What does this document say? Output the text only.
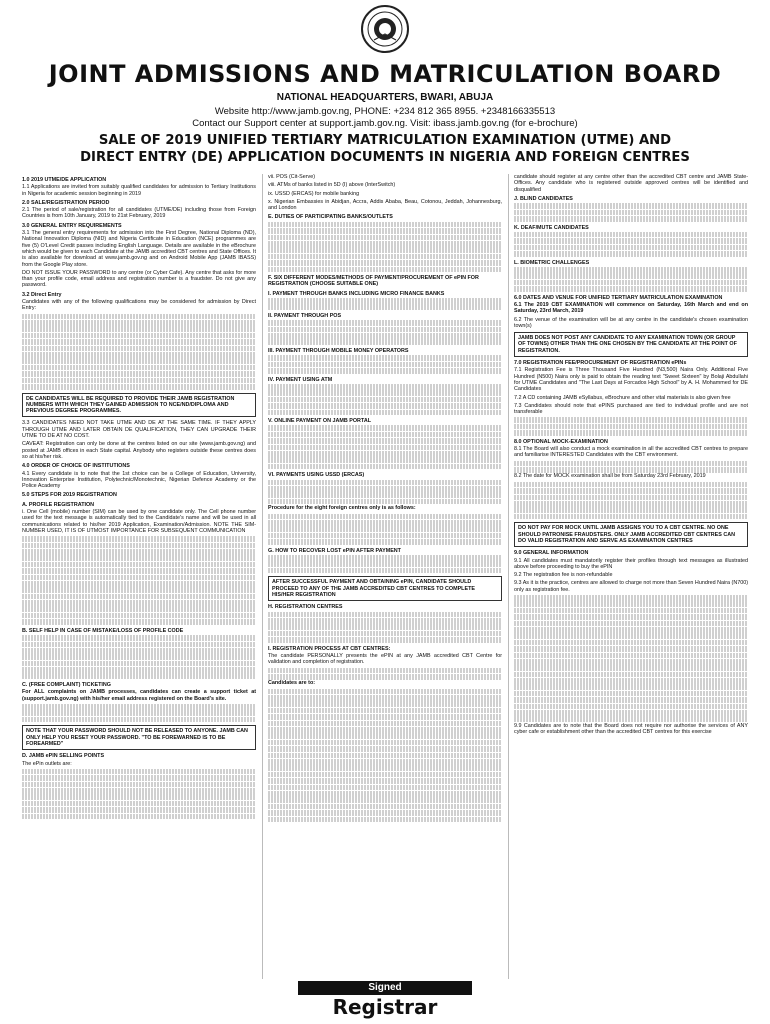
JOINT ADMISSIONS AND MATRICULATION BOARD
NATIONAL HEADQUARTERS, BWARI, ABUJA
Website http://www.jamb.gov.ng, PHONE: +234 812 365 8955. +2348166335513
Contact our Support center at support.jamb.gov.ng. Visit: ibass.jamb.gov.ng (for e-brochure)
SALE OF 2019 UNIFIED TERTIARY MATRICULATION EXAMINATION (UTME) AND
DIRECT ENTRY (DE) APPLICATION DOCUMENTS IN NIGERIA AND FOREIGN CENTRES
1.0 2019 UTME/DE APPLICATION

1.1 Applications are invited from suitably qualified candidates for admission to Tertiary Institutions in Nigeria for academic session beginning in 2019

2.0 SALE/REGISTRATION PERIOD

2.1 The period of sale/registration for all candidates (UTME/DE) including those from Foreign Countries is from 10th January, 2019 to 21st February, 2019

3.0 GENERAL ENTRY REQUIREMENTS

3.1 The general entry requirements for admission into the First Degree, National Diploma (ND), National Innovation Diploma (NID) and Nigeria Certificate in Education (NCE) programmes are five (5) O'Level Credit passes including English Language. Details are available in the eBrochure which would be given to each Candidate at the JAMB accredited CBT centres and State Offices. It is also available for download at www.jamb.gov.ng and on Android Mobile App (JAMB IBASS) from the Google Play store.

DO NOT ISSUE YOUR PASSWORD to any centre (or Cyber Cafe). Any centre that asks for more than your profile code, email address and registration number is a fraudster. Do not give any password.

3.2 Direct Entry

Candidates with any of the following qualifications may be considered for admission by Direct Entry:

DE CANDIDATES WILL BE REQUIRED TO PROVIDE THEIR JAMB REGISTRATION NUMBERS WITH WHICH THEY GAINED ADMISSION TO NCE/ND/DIPLOMA AND PREVIOUS DEGREE PROGRAMMES.

3.3 CANDIDATES NEED NOT TAKE UTME AND DE AT THE SAME TIME. IF THEY APPLY THROUGH UTME AND LATER OBTAIN DE QUALIFICATION, THEY CAN UPGRADE THEIR UTME TO DE AT NO COST.

CAVEAT: Registration can only be done at the centres listed on our site (www.jamb.gov.ng) and posted at JAMB offices in each State capital. Anybody who registers outside these centres does so at his/her risk.

4.0 ORDER OF CHOICE OF INSTITUTIONS

4.1 Every candidate is to note that the 1st choice can be a College of Education, University, Innovation Enterprise Institution, Polytechnic/Monotechnic, Nigerian Defence Academy or the Police Academy

5.0 STEPS FOR 2019 REGISTRATION
A. PROFILE REGISTRATION

i. One Cell (mobile) number (SIM) can be used by one candidate only. The Cell phone number used for the text message is automatically tied to the Candidate's name and will be used in all communications related to his/her 2019 Application, Examination/Admission. NOTE THE SIM-NUMBER USED, IT IS OF UTMOST IMPORTANCE FOR SUBSEQUENT COMMUNICATION

B. SELF HELP IN CASE OF MISTAKE/LOSS OF PROFILE CODE
C. (FREE COMPLAINT) TICKETING

For ALL complaints on JAMB processes, candidates can create a support ticket at (support.jamb.gov.ng) with his/her email address registered on the Board's site.

NOTE THAT YOUR PASSWORD SHOULD NOT BE RELEASED TO ANYONE. JAMB CAN ONLY HELP YOU RESET YOUR PASSWORD. "TO BE FOREWARNED IS TO BE FOREARMED"
D. JAMB ePIN SELLING POINTS

The ePin outlets are:

vii. POS (Cit-Serve)

viii. ATMs of banks listed in 5D (I) above (InterSwitch)

ix. USSD (ERCAS) for mobile banking

x. Nigerian Embassies in Abidjan, Accra, Addis Ababa, Beau, Cotonou, Jeddah, Johannesburg, and London

E. DUTIES OF PARTICIPATING BANKS/OUTLETS
F. SIX DIFFERENT MODES/METHODS OF PAYMENT/PROCUREMENT OF ePIN FOR REGISTRATION (CHOOSE SUITABLE ONE)
I. PAYMENT THROUGH BANKS INCLUDING MICRO FINANCE BANKS
II. PAYMENT THROUGH POS
III. PAYMENT THROUGH MOBILE MONEY OPERATORS
IV. PAYMENT USING ATM
V. ONLINE PAYMENT ON JAMB PORTAL
VI. PAYMENTS USING USSD (ERCAS)

Procedure for the eight foreign centres only is as follows:

G. HOW TO RECOVER LOST ePIN AFTER PAYMENT
AFTER SUCCESSFUL PAYMENT AND OBTAINING ePIN, CANDIDATE SHOULD PROCEED TO ANY OF THE JAMB ACCREDITED CBT CENTRES TO COMPLETE HIS/HER REGISTRATION
H. REGISTRATION CENTRES
I. REGISTRATION PROCESS AT CBT CENTRES:

The candidate PERSONALLY presents the ePIN at any JAMB accredited CBT Centre for validation and completion of registration.

Candidates are to:

candidate should register at any centre other than the accredited CBT centre and JAMB State-Offices. Any candidate who is registered outside approved centres will be identified and disqualified

J. BLIND CANDIDATES
K. DEAF/MUTE CANDIDATES
L. BIOMETRIC CHALLENGES
6.0 DATES AND VENUE FOR UNIFIED TERTIARY MATRICULATION EXAMINATION

6.1 The 2019 CBT EXAMINATION will commence on Saturday, 16th March and end on Saturday, 23rd March, 2019

6.2 The venue of the examination will be at any centre in the candidate's chosen examination town(s)

JAMB DOES NOT POST ANY CANDIDATE TO ANY EXAMINATION TOWN (OR GROUP OF TOWNS) OTHER THAN THE ONE CHOSEN BY THE CANDIDATE AT THE POINT OF REGISTRATION.
7.0 REGISTRATION FEE/PROCUREMENT OF REGISTRATION ePINs

7.1 Registration Fee is Three Thousand Five Hundred (N3,500) Naira Only. Additional Five Hundred (N500) Naira only is paid to obtain the reading text "Sweet Sixteen" by Bolaji Abdullahi for UTME Candidates and "The Last Days at Forcados High School" by A. H. Mohammed for DE Candidates

7.2 A CD containing JAMB eSyllabus, eBrochure and other vital materials is also given free

7.3 Candidates should note that ePINS purchased are tied to individual profile and are not transferable

8.0 OPTIONAL MOCK-EXAMINATION

8.1 The Board will also conduct a mock examination in all the accredited CBT centres to prepare and familiarise INTERESTED Candidates with the CBT environment.

8.2 The date for MOCK examination shall be from Saturday 23rd February, 2019

DO NOT PAY FOR MOCK UNTIL JAMB ASSIGNS YOU TO A CBT CENTRE. NO ONE SHOULD PATRONISE FRAUDSTERS. ONLY JAMB ACCREDITED CBT CENTRES CAN DO VALID REGISTRATION AND SERVE AS EXAMINATION CENTRES
9.0 GENERAL INFORMATION

9.1 All candidates must mandatorily register their profiles through text messages as illustrated above before proceeding to buy the ePIN

9.2 The registration fee is non-refundable

9.3 As it is the practice, centres are allowed to charge not more than Seven Hundred Naira (N700) only as registration fee.

9.9 Candidates are to note that the Board does not require nor authorise the services of ANY cyber cafe or establishment other than the accredited CBT centres for this exercise

Signed
Registrar
